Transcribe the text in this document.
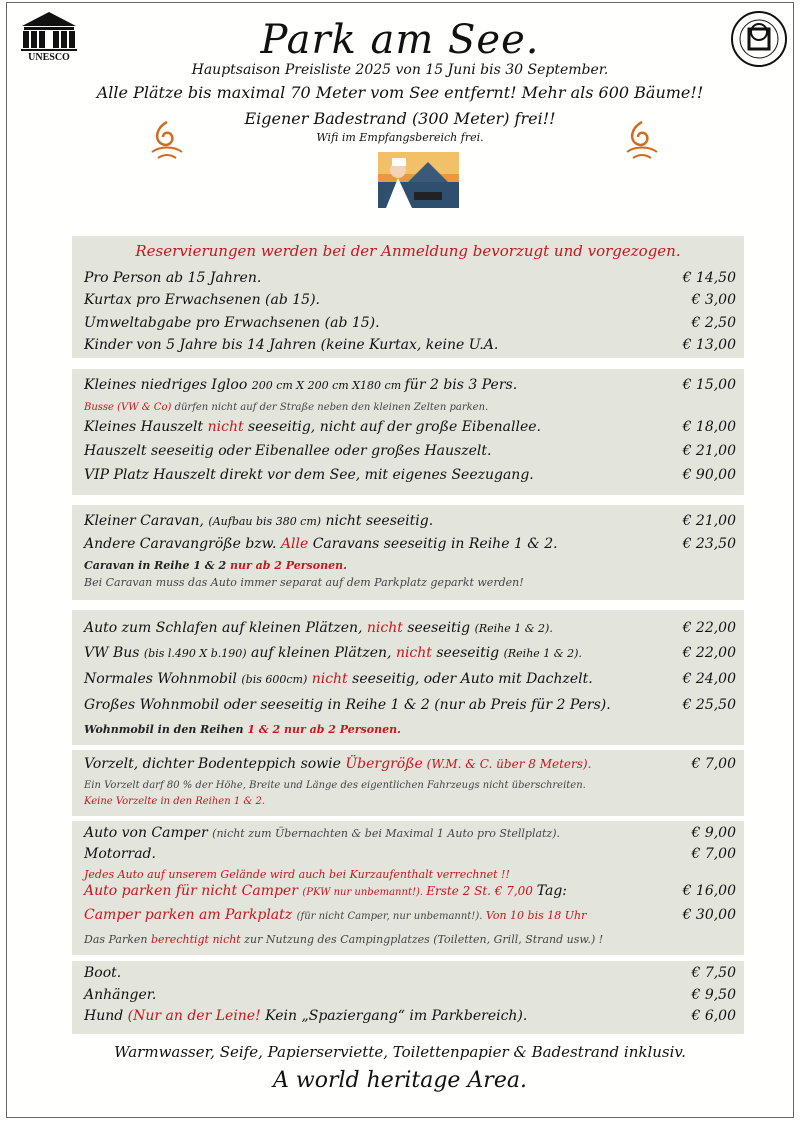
UNESCO	Park am See.
Hauptsaison Preisliste 2025 von 15 Juni bis 30 September.
Alle Plätze bis maximal 70 Meter vom See entfernt! Mehr als 600 Bäume!!
Eigener Badestrand (300 Meter) frei!!
Wifi im Empfangsbereich frei.
Reservierungen werden bei der Anmeldung bevorzugt und vorgezogen.
Pro Person ab 15 Jahren.	€ 14,50
Kurtax pro Erwachsenen (ab 15).	€ 3,00
Umweltabgabe pro Erwachsenen (ab 15).	€ 2,50
Kinder von 5 Jahre bis 14 Jahren (keine Kurtax, keine U.A.	€ 13,00
Kleines niedriges Igloo 200 cm X 200 cm X180 cm für 2 bis 3 Pers.	€ 15,00
Busse (VW & Co) dürfen nicht auf der Straße neben den kleinen Zelten parken.
Kleines Hauszelt nicht seeseitig, nicht auf der große Eibenallee.	€ 18,00
Hauszelt seeseitig oder Eibenallee oder großes Hauszelt.	€ 21,00
VIP Platz Hauszelt direkt vor dem See, mit eigenes Seezugang.	€ 90,00
Kleiner Caravan, (Aufbau bis 380 cm) nicht seeseitig.	€ 21,00
Andere Caravangröße bzw. Alle Caravans seeseitig in Reihe 1 & 2.	€ 23,50
Caravan in Reihe 1 & 2 nur ab 2 Personen.
Bei Caravan muss das Auto immer separat auf dem Parkplatz geparkt werden!
Auto zum Schlafen auf kleinen Plätzen, nicht seeseitig (Reihe 1 & 2).	€ 22,00
VW Bus (bis l.490 X b.190) auf kleinen Plätzen, nicht seeseitig (Reihe 1 & 2).	€ 22,00
Normales Wohnmobil (bis 600cm) nicht seeseitig, oder Auto mit Dachzelt.	€ 24,00
Großes Wohnmobil oder seeseitig in Reihe 1 & 2 (nur ab Preis für 2 Pers).	€ 25,50
Wohnmobil in den Reihen 1 & 2 nur ab 2 Personen.
Vorzelt, dichter Bodenteppich sowie Übergröße (W.M. & C. über 8 Meters).	€ 7,00
Ein Vorzelt darf 80 % der Höhe, Breite und Länge des eigentlichen Fahrzeugs nicht überschreiten.
Keine Vorzelte in den Reihen 1 & 2.
Auto von Camper (nicht zum Übernachten & bei Maximal 1 Auto pro Stellplatz).	€ 9,00
Motorrad.	€ 7,00
Jedes Auto auf unserem Gelände wird auch bei Kurzaufenthalt verrechnet !!
Auto parken für nicht Camper (PKW nur unbemannt!). Erste 2 St. € 7,00 Tag:	€ 16,00
Camper parken am Parkplatz (für nicht Camper, nur unbemannt!). Von 10 bis 18 Uhr	€ 30,00
Das Parken berechtigt nicht zur Nutzung des Campingplatzes (Toiletten, Grill, Strand usw.) !
Boot.	€ 7,50
Anhänger.	€ 9,50
Hund (Nur an der Leine! Kein „Spaziergang“ im Parkbereich).	€ 6,00
Warmwasser, Seife, Papierserviette, Toilettenpapier & Badestrand inklusiv.
A world heritage Area.
